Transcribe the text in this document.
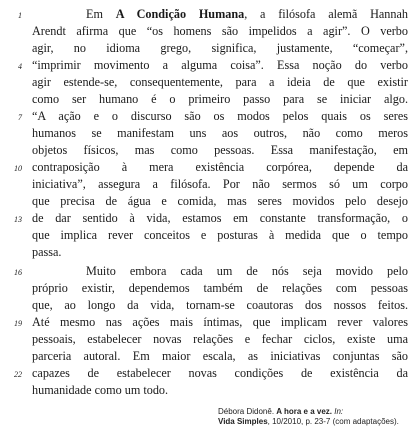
1	Em A Condição Humana, a filósofa alemã Hannah
Arendt afirma que “os homens são impelidos a agir”. O verbo
agir, no idioma grego, significa, justamente, “começar”,
4 “imprimir movimento a alguma coisa”. Essa noção do verbo
agir estende-se, consequentemente, para a ideia de que existir
como ser humano é o primeiro passo para se iniciar algo.
7 “A ação e o discurso são os modos pelos quais os seres
humanos se manifestam uns aos outros, não como meros
objetos físicos, mas como pessoas. Essa manifestação, em
10 contraposição à mera existência corpórea, depende da
iniciativa”, assegura a filósofa. Por não sermos só um corpo
que precisa de água e comida, mas seres movidos pelo desejo
13 de dar sentido à vida, estamos em constante transformação, o
que implica rever conceitos e posturas à medida que o tempo
passa.
16	Muito embora cada um de nós seja movido pelo
próprio existir, dependemos também de relações com pessoas
que, ao longo da vida, tornam-se coautoras dos nossos feitos.
19 Até mesmo nas ações mais íntimas, que implicam rever valores
pessoais, estabelecer novas relações e fechar ciclos, existe uma
parceria autoral. Em maior escala, as iniciativas conjuntas são
22 capazes de estabelecer novas condições de existência da
humanidade como um todo.
Débora Didonê. A hora e a vez. In:
Vida Simples, 10/2010, p. 23-7 (com adaptações).
